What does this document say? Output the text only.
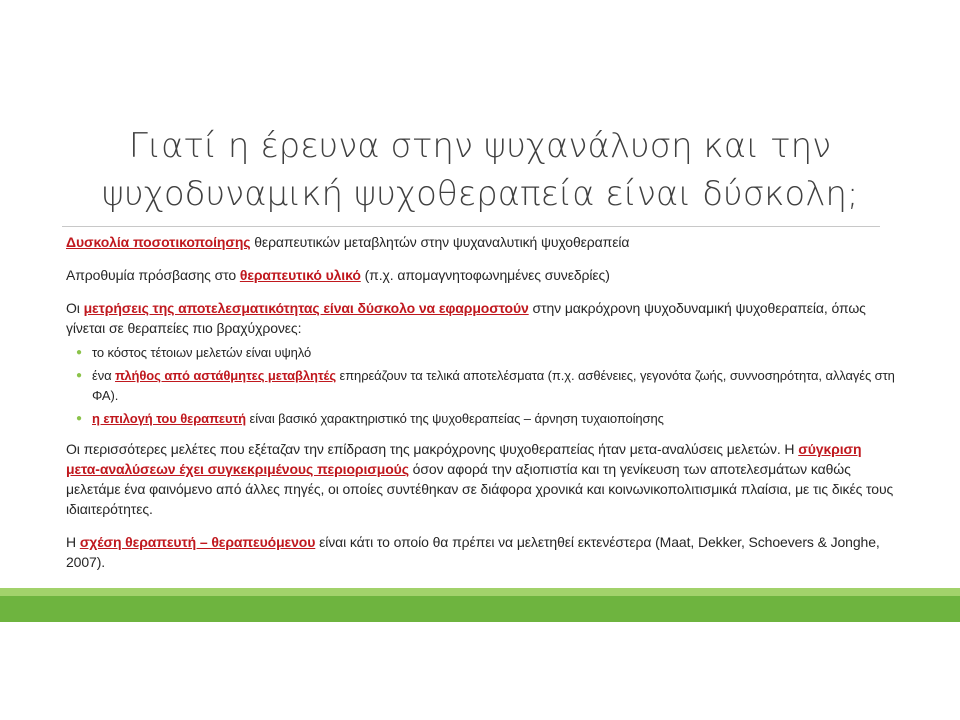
Γιατί η έρευνα στην ψυχανάλυση και την
ψυχοδυναμική ψυχοθεραπεία είναι δύσκολη;

Δυσκολία ποσοτικοποίησης θεραπευτικών μεταβλητών στην ψυχαναλυτική ψυχοθεραπεία

Απροθυμία πρόσβασης στο θεραπευτικό υλικό (π.χ. απομαγνητοφωνημένες συνεδρίες)

Οι μετρήσεις της αποτελεσματικότητας είναι δύσκολο να εφαρμοστούν στην μακρόχρονη ψυχοδυναμική ψυχοθεραπεία, όπως γίνεται σε θεραπείες πιο βραχύχρονες:

● το κόστος τέτοιων μελετών είναι υψηλό
● ένα πλήθος από αστάθμητες μεταβλητές επηρεάζουν τα τελικά αποτελέσματα (π.χ. ασθένειες, γεγονότα ζωής, συννοσηρότητα, αλλαγές στη ΦΑ).
● η επιλογή του θεραπευτή είναι βασικό χαρακτηριστικό της ψυχοθεραπείας – άρνηση τυχαιοποίησης

Οι περισσότερες μελέτες που εξέταζαν την επίδραση της μακρόχρονης ψυχοθεραπείας ήταν μετα-αναλύσεις μελετών. Η σύγκριση μετα-αναλύσεων έχει συγκεκριμένους περιορισμούς όσον αφορά την αξιοπιστία και τη γενίκευση των αποτελεσμάτων καθώς μελετάμε ένα φαινόμενο από άλλες πηγές, οι οποίες συντέθηκαν σε διάφορα χρονικά και κοινωνικοπολιτισμικά πλαίσια, με τις δικές τους ιδιαιτερότητες.

Η σχέση θεραπευτή – θεραπευόμενου είναι κάτι το οποίο θα πρέπει να μελετηθεί εκτενέστερα (Maat, Dekker, Schoevers & Jonghe, 2007).
